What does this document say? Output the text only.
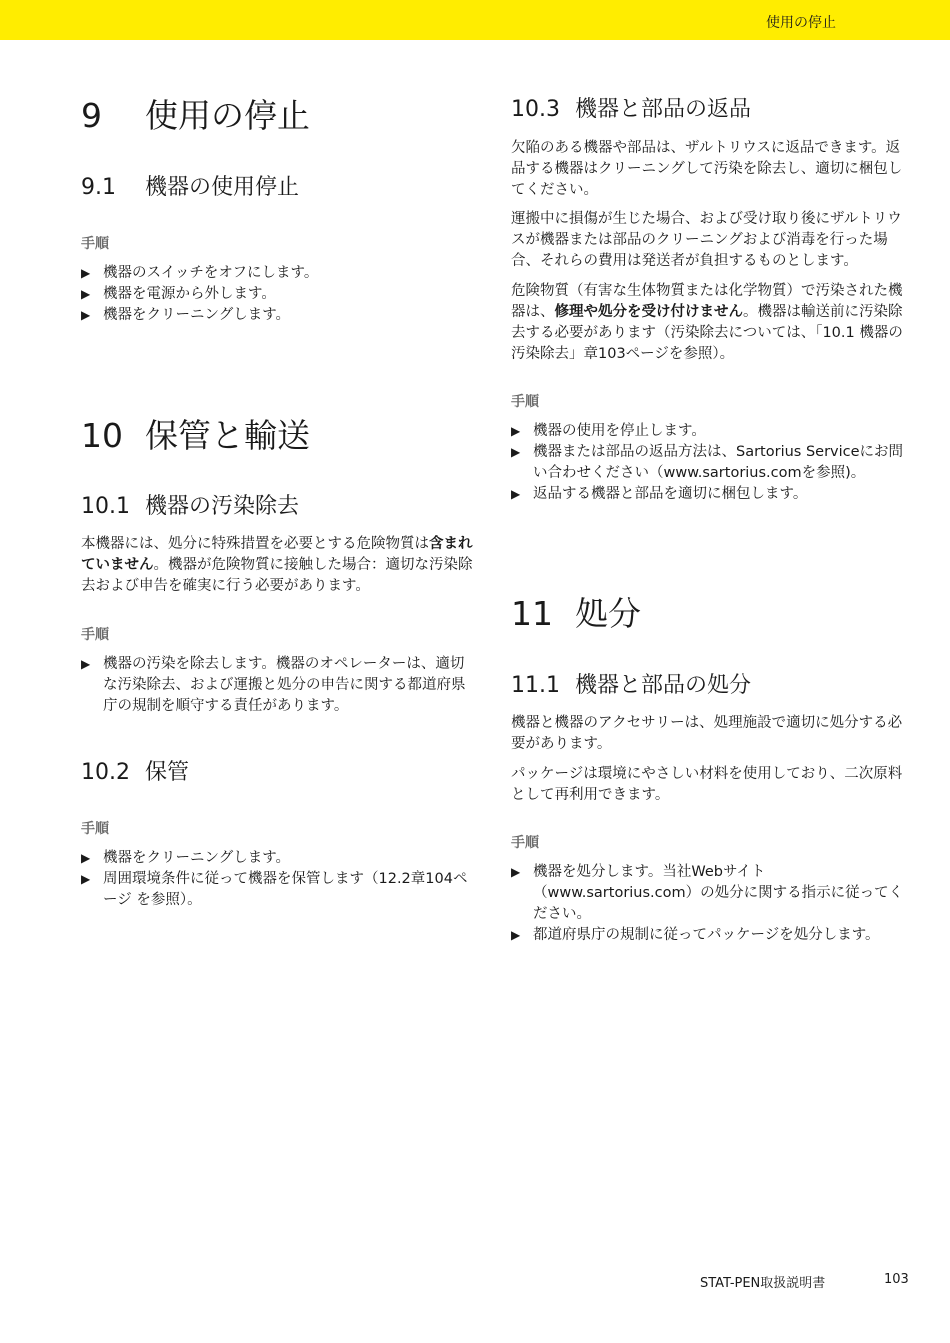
使用の停止
9 使用の停止
9.1 機器の使用停止
手順
▶ 機器のスイッチをオフにします。
▶ 機器を電源から外します。
▶ 機器をクリーニングします。
10 保管と輸送
10.1 機器の汚染除去

本機器には、処分に特殊措置を必要とする危険物質は含まれていません。機器が危険物質に接触した場合：適切な汚染除去および申告を確実に行う必要があります。

手順
▶ 機器の汚染を除去します。機器のオペレーターは、適切な汚染除去、および運搬と処分の申告に関する都道府県庁の規制を順守する責任があります。
10.2 保管
手順
▶ 機器をクリーニングします。
▶ 周囲環境条件に従って機器を保管します（12.2章104ページ を参照）。
10.3 機器と部品の返品

欠陥のある機器や部品は、ザルトリウスに返品できます。返品する機器はクリーニングして汚染を除去し、適切に梱包してください。

運搬中に損傷が生じた場合、および受け取り後にザルトリウスが機器または部品のクリーニングおよび消毒を行った場合、それらの費用は発送者が負担するものとします。

危険物質（有害な生体物質または化学物質）で汚染された機器は、修理や処分を受け付けません。機器は輸送前に汚染除去する必要があります（汚染除去については、「10.1 機器の汚染除去」章103ページを参照）。

手順
▶ 機器の使用を停止します。
▶ 機器または部品の返品方法は、Sartorius Serviceにお問い合わせください（www.sartorius.comを参照)。
▶ 返品する機器と部品を適切に梱包します。
11 処分
11.1 機器と部品の処分

機器と機器のアクセサリーは、処理施設で適切に処分する必要があります。

パッケージは環境にやさしい材料を使用しており、二次原料として再利用できます。

手順
▶ 機器を処分します。当社Webサイト（www.sartorius.com）の処分に関する指示に従ってください。
▶ 都道府県庁の規制に従ってパッケージを処分します。
STAT-PEN取扱説明書	103
